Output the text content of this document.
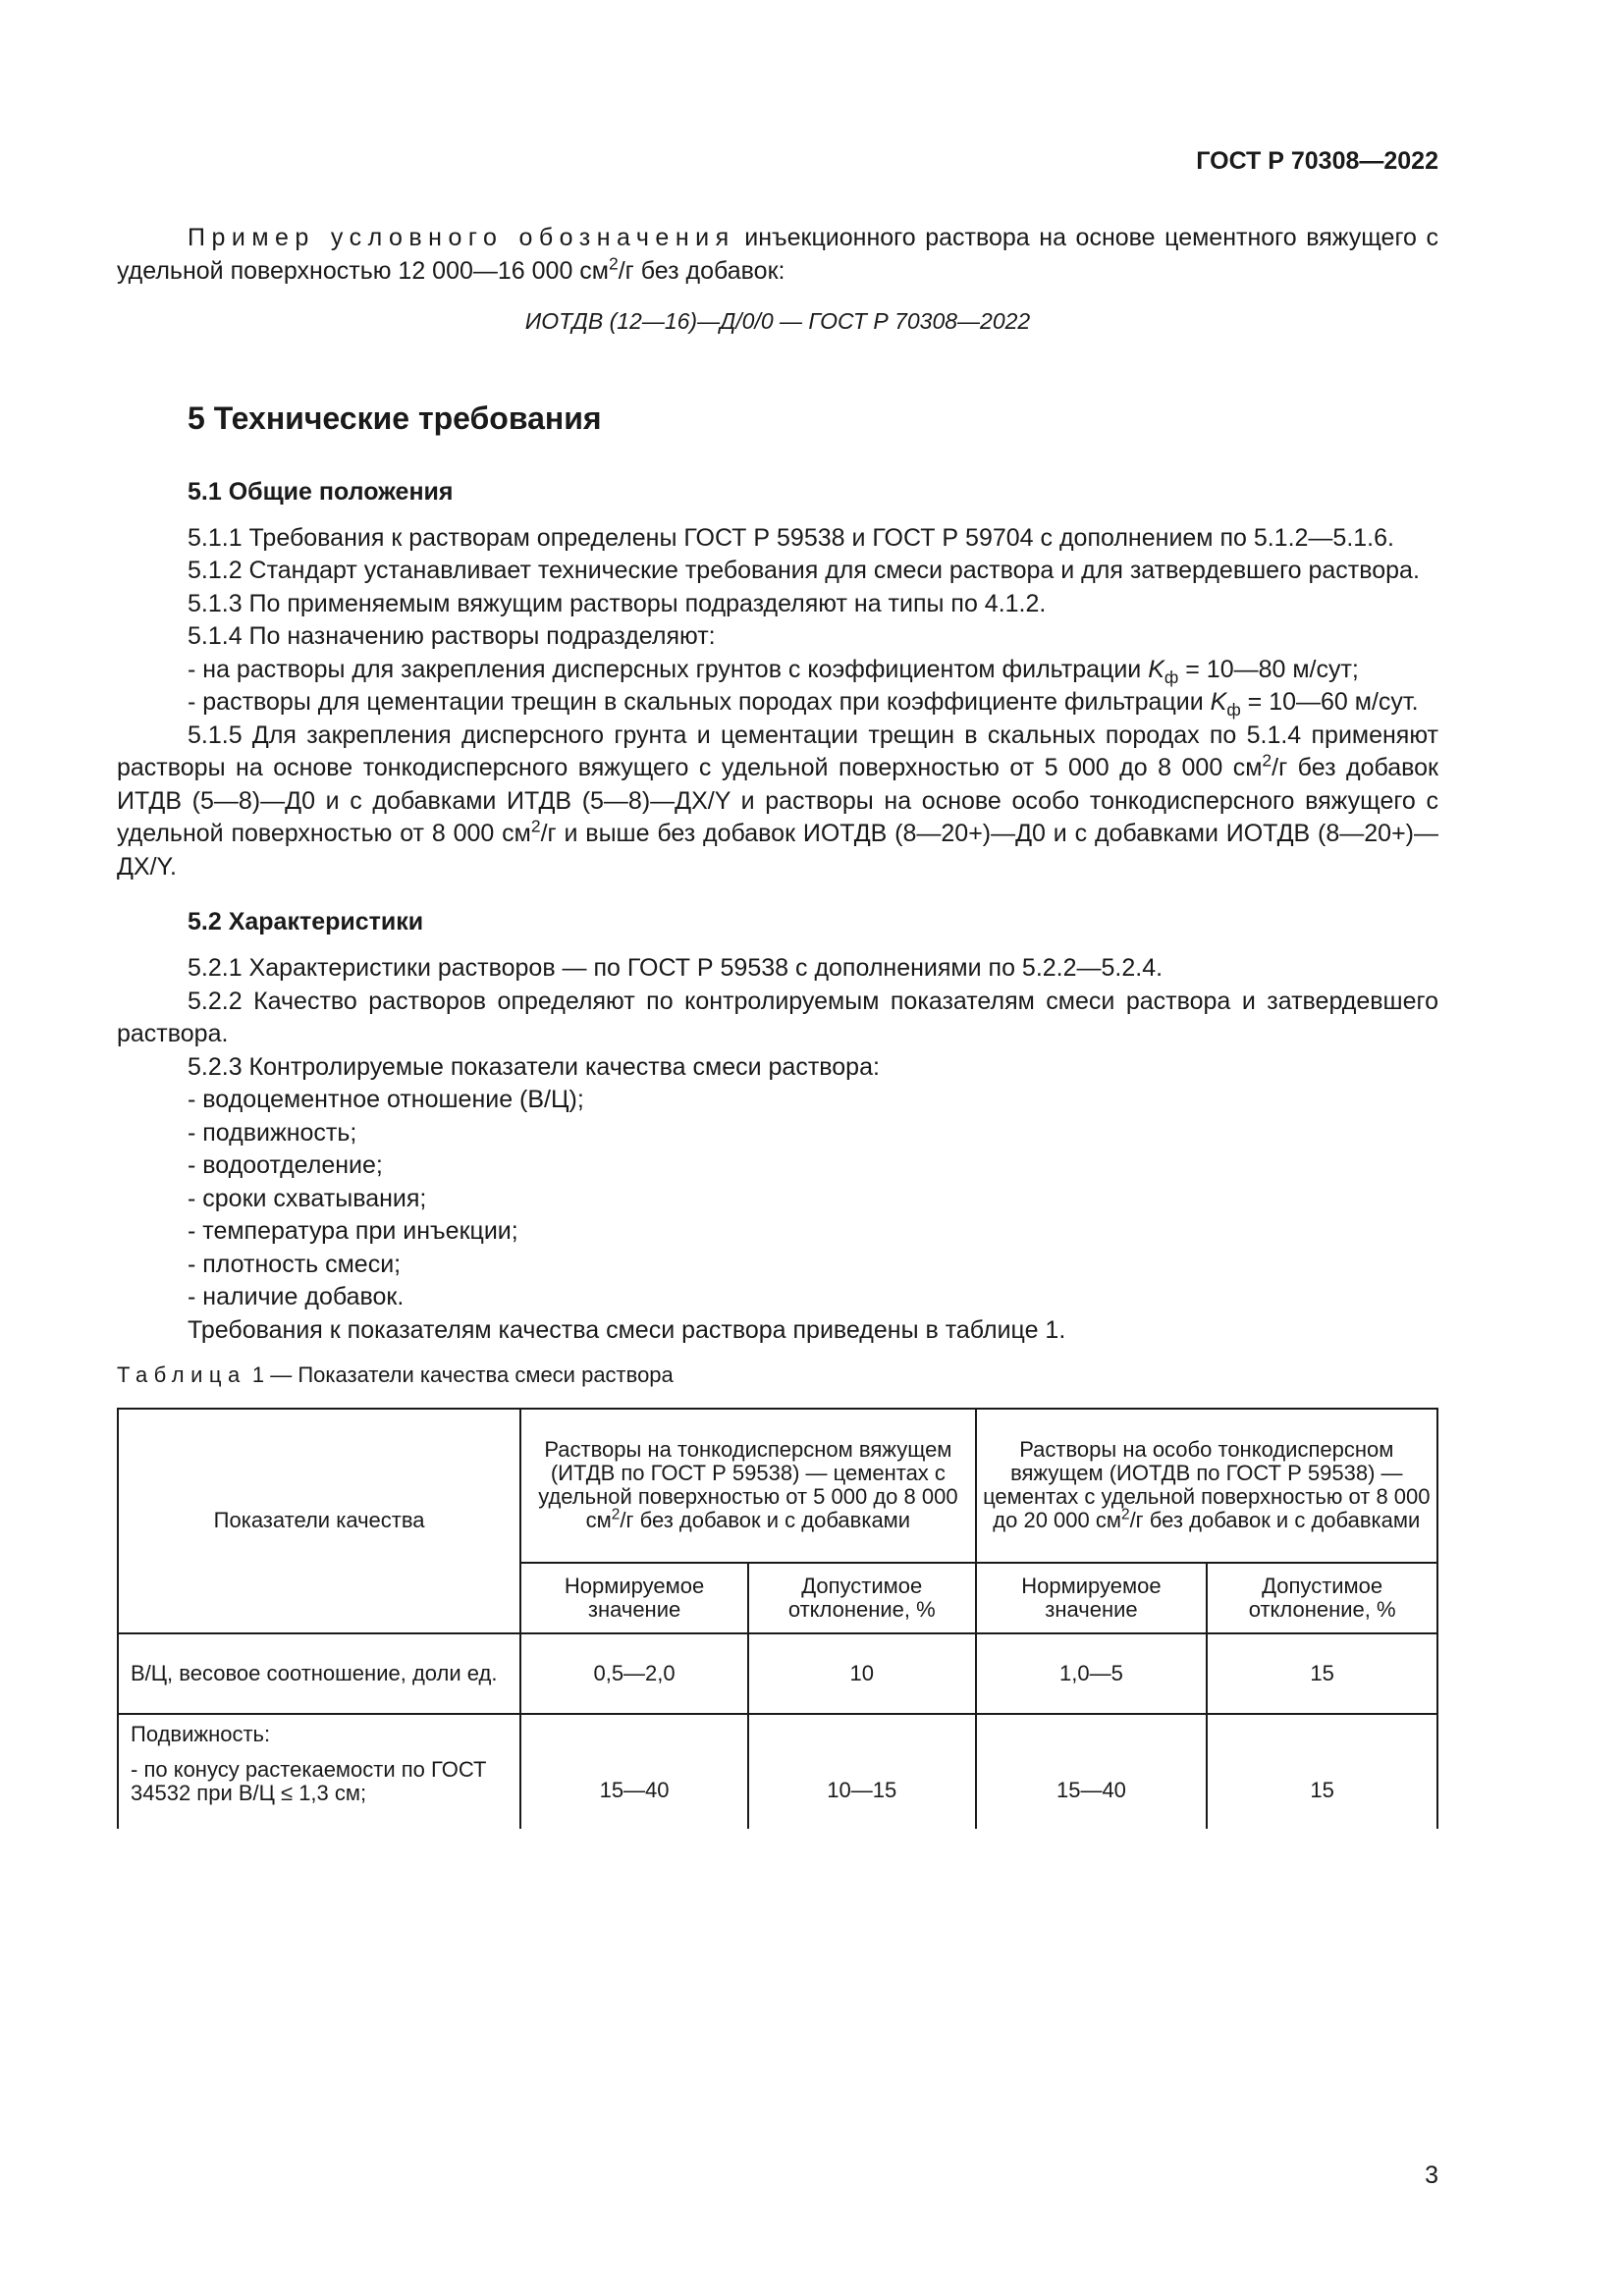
ГОСТ Р 70308—2022

Пример условного обозначения инъекционного раствора на основе цементного вяжущего с удельной поверхностью 12 000—16 000 $см^2/г$ без добавок:

ИОТДВ (12—16)—Д/0/0 — ГОСТ Р 70308—2022

5 Технические требования
5.1 Общие положения

5.1.1 Требования к растворам определены ГОСТ Р 59538 и ГОСТ Р 59704 с дополнением по 5.1.2—5.1.6.

5.1.2 Стандарт устанавливает технические требования для смеси раствора и для затвердевшего раствора.

5.1.3 По применяемым вяжущим растворы подразделяют на типы по 4.1.2.

5.1.4 По назначению растворы подразделяют:

- на растворы для закрепления дисперсных грунтов с коэффициентом фильтрации $K_ф$ = 10—80 м/сут;

- растворы для цементации трещин в скальных породах при коэффициенте фильтрации $K_ф$ = 10—60 м/сут.

5.1.5 Для закрепления дисперсного грунта и цементации трещин в скальных породах по 5.1.4 применяют растворы на основе тонкодисперсного вяжущего с удельной поверхностью от 5 000 до 8 000 $см^2/г$ без добавок ИТДВ (5—8)—Д0 и с добавками ИТДВ (5—8)—ДХ/Y и растворы на основе особо тонкодисперсного вяжущего с удельной поверхностью от 8 000 $см^2/г$ и выше без добавок ИОТДВ (8—20+)—Д0 и с добавками ИОТДВ (8—20+)—ДХ/Y.

5.2 Характеристики

5.2.1 Характеристики растворов — по ГОСТ Р 59538 с дополнениями по 5.2.2—5.2.4.

5.2.2 Качество растворов определяют по контролируемым показателям смеси раствора и затвердевшего раствора.

5.2.3 Контролируемые показатели качества смеси раствора:

- водоцементное отношение (В/Ц);

- подвижность;

- водоотделение;

- сроки схватывания;

- температура при инъекции;

- плотность смеси;

- наличие добавок.

Требования к показателям качества смеси раствора приведены в таблице 1.

Таблица 1 — Показатели качества смеси раствора

Показатели качества	Растворы на тонкодисперсном вяжущем (ИТДВ по ГОСТ Р 59538) — цементах с удельной поверхностью от 5 000 до 8 000 $см^2/г$ без добавок и с добавками		Растворы на особо тонкодисперсном вяжущем (ИОТДВ по ГОСТ Р 59538) — цементах с удельной поверхностью от 8 000 до 20 000 $см^2/г$ без добавок и с добавками	
	Нормируемое значение	Допустимое отклонение, %	Нормируемое значение	Допустимое отклонение, %
В/Ц, весовое соотношение, доли ед.	0,5—2,0	10	1,0—5	15

Подвижность:
- по конусу растекаемости по ГОСТ 34532 при В/Ц ≤ 1,3 см;	15—40	10—15	15—40	15
3
